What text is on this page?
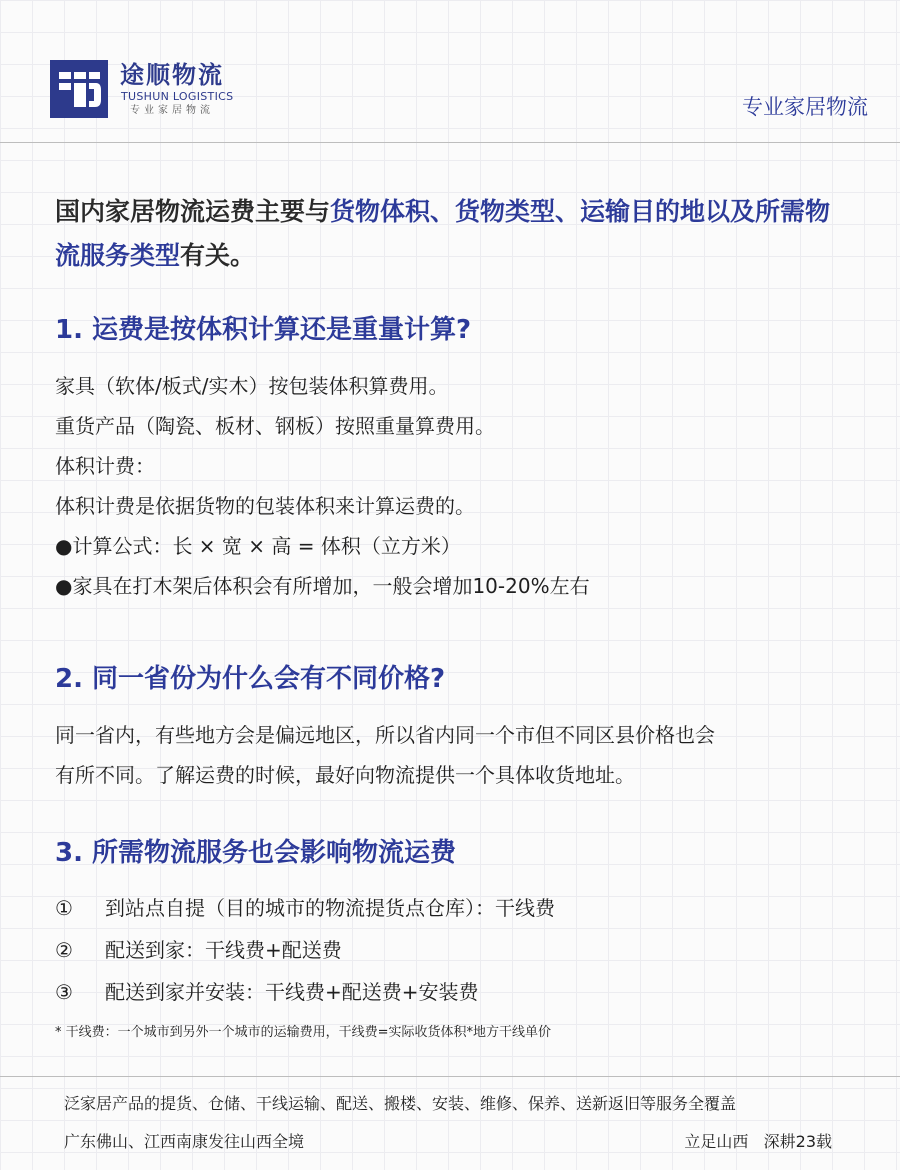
途顺物流
TUSHUN LOGISTICS
专业家居物流	专业家居物流

国内家居物流运费主要与货物体积、货物类型、运输目的地以及所需物流服务类型有关。

1. 运费是按体积计算还是重量计算?
家具（软体/板式/实木）按包装体积算费用。
重货产品（陶瓷、板材、钢板）按照重量算费用。
体积计费：
体积计费是依据货物的包装体积来计算运费的。
●计算公式：长 × 宽 × 高 = 体积（立方米）
●家具在打木架后体积会有所增加，一般会增加10-20%左右
2. 同一省份为什么会有不同价格?
同一省内，有些地方会是偏远地区，所以省内同一个市但不同区县价格也会
有所不同。了解运费的时候，最好向物流提供一个具体收货地址。
3. 所需物流服务也会影响物流运费
①	到站点自提（目的城市的物流提货点仓库）：干线费
②	配送到家：干线费+配送费
③	配送到家并安装：干线费+配送费+安装费
* 干线费：一个城市到另外一个城市的运输费用，干线费=实际收货体积*地方干线单价
泛家居产品的提货、仓储、干线运输、配送、搬楼、安装、维修、保养、送新返旧等服务全覆盖
广东佛山、江西南康发往山西全境	立足山西   深耕23载
